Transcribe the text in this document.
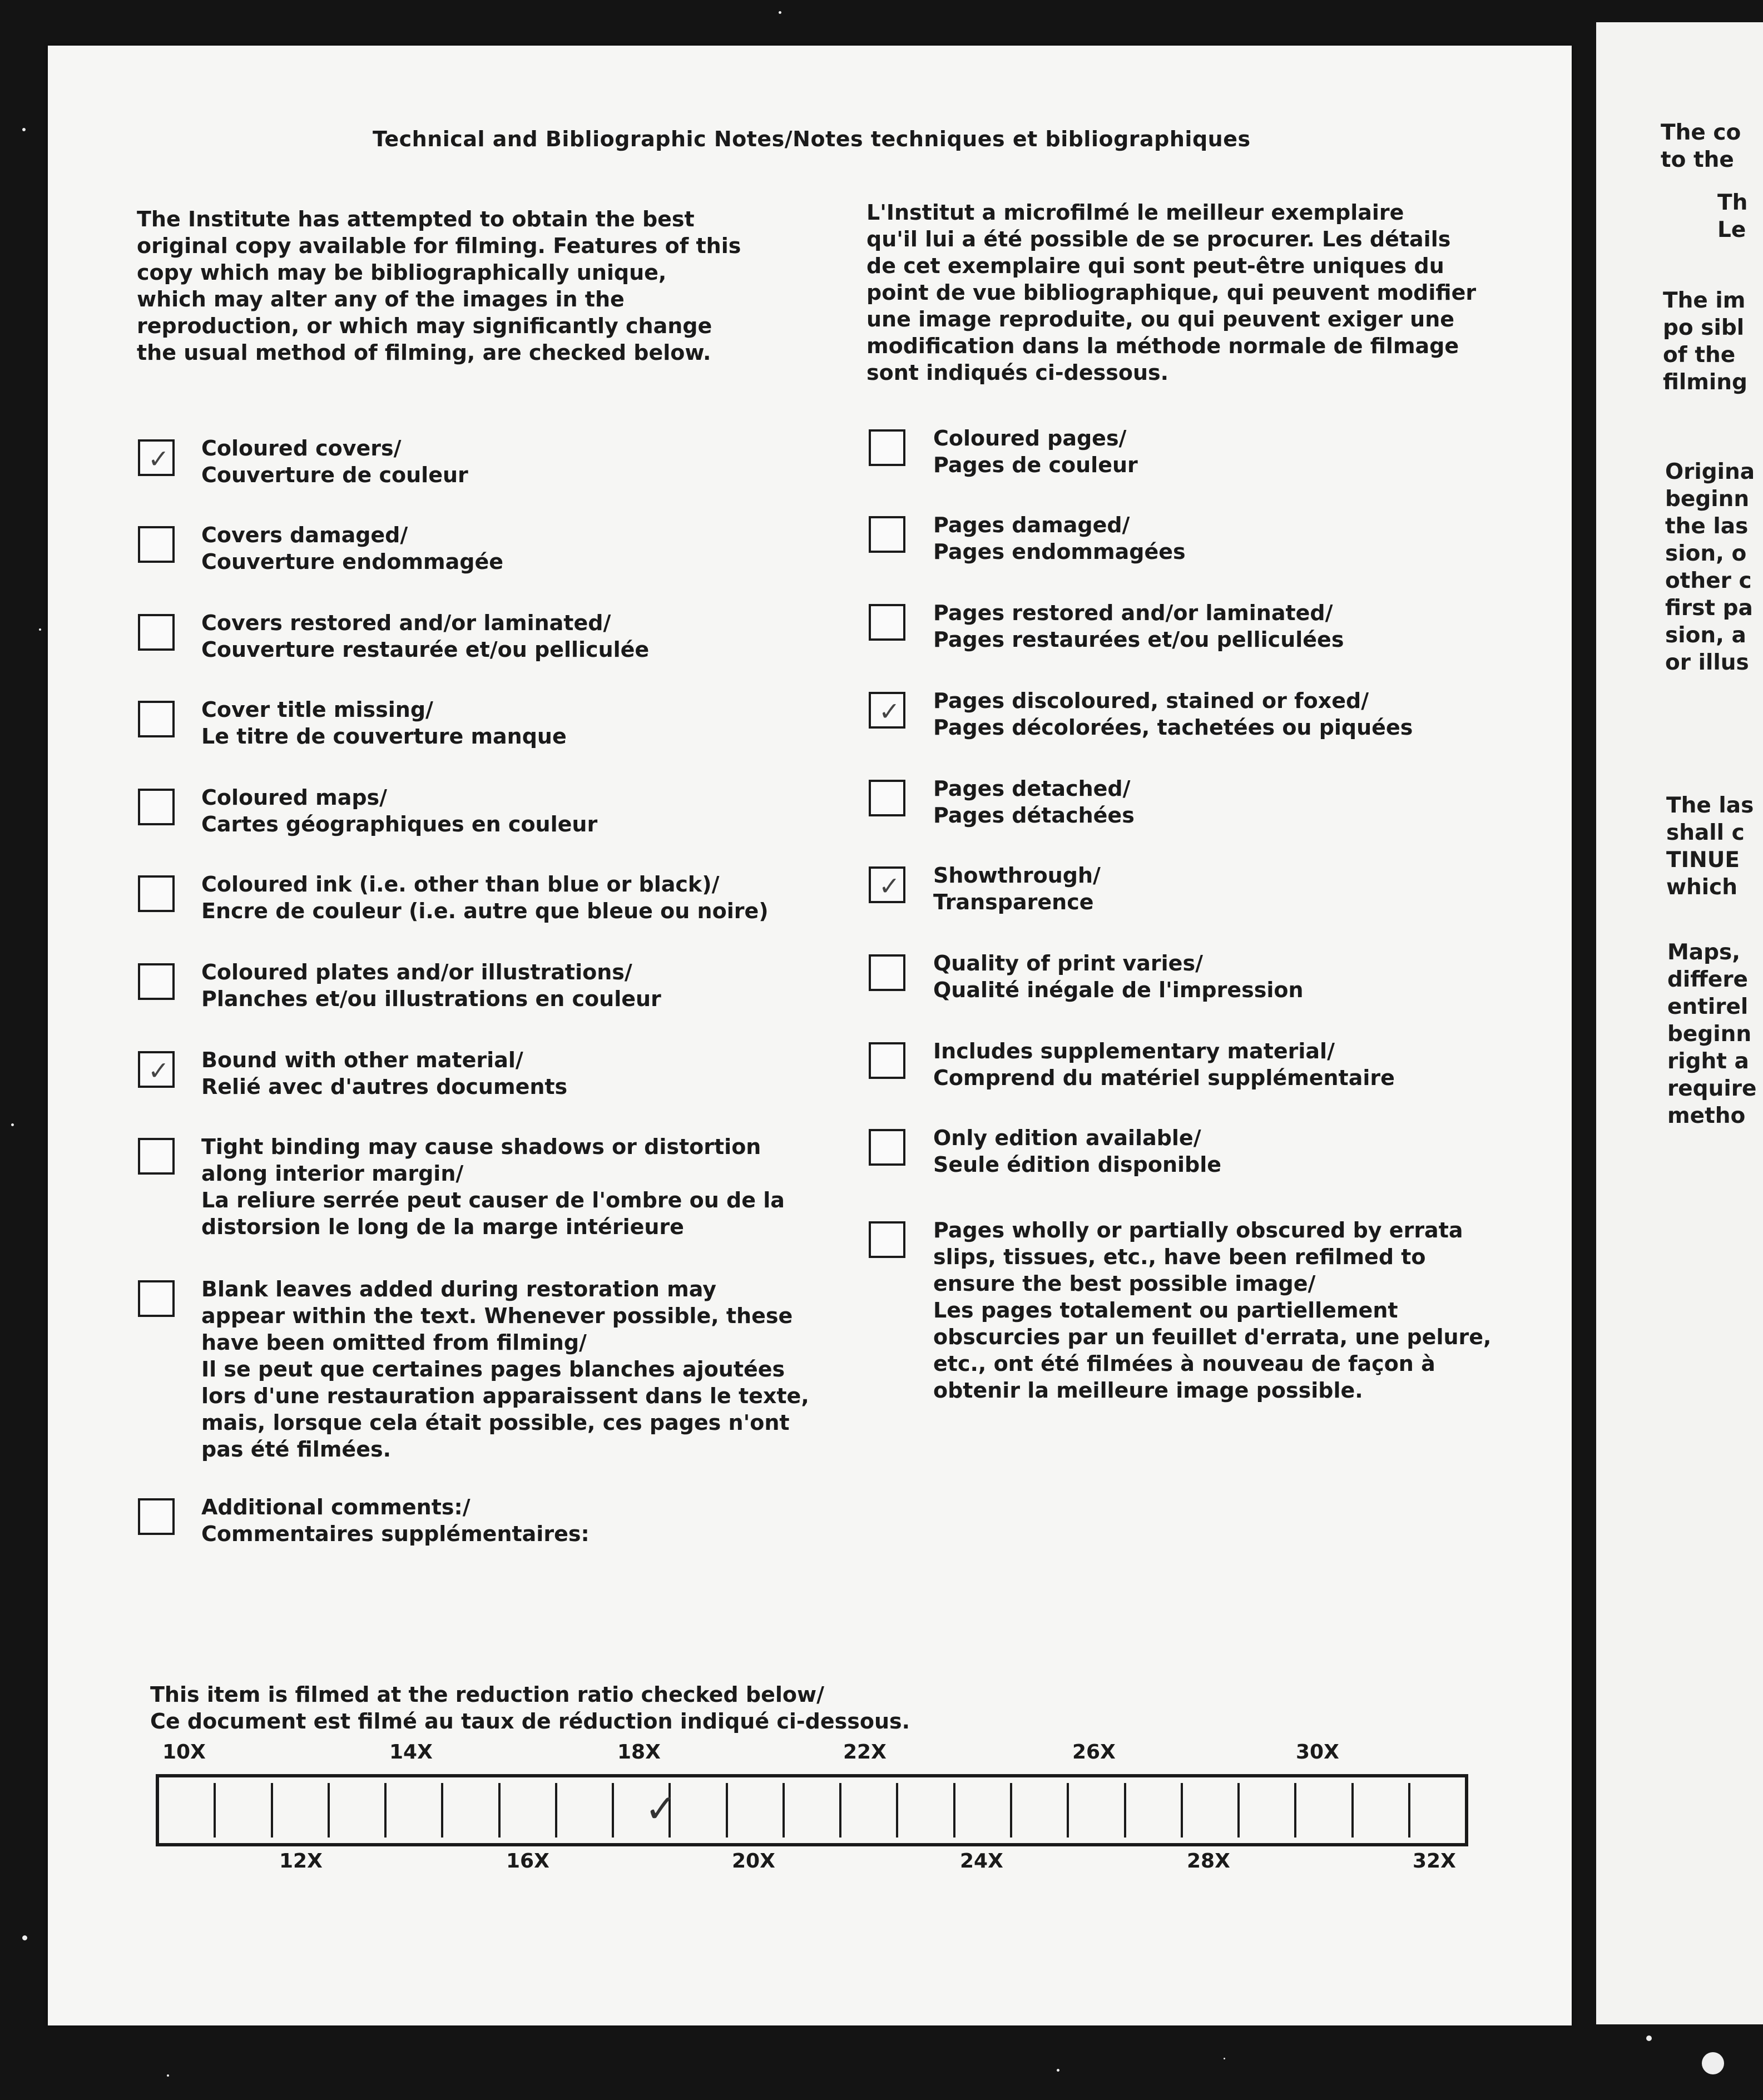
Technical and Bibliographic Notes/Notes techniques et bibliographiques
The Institute has attempted to obtain the best
original copy available for filming. Features of this
copy which may be bibliographically unique,
which may alter any of the images in the
reproduction, or which may significantly change
the usual method of filming, are checked below.
L'Institut a microfilmé le meilleur exemplaire
qu'il lui a été possible de se procurer. Les détails
de cet exemplaire qui sont peut-être uniques du
point de vue bibliographique, qui peuvent modifier
une image reproduite, ou qui peuvent exiger une
modification dans la méthode normale de filmage
sont indiqués ci-dessous.
✓ Coloured covers/
Couverture de couleur
Covers damaged/
Couverture endommagée
Covers restored and/or laminated/
Couverture restaurée et/ou pelliculée
Cover title missing/
Le titre de couverture manque
Coloured maps/
Cartes géographiques en couleur
Coloured ink (i.e. other than blue or black)/
Encre de couleur (i.e. autre que bleue ou noire)
Coloured plates and/or illustrations/
Planches et/ou illustrations en couleur
✓ Bound with other material/
Relié avec d'autres documents
Tight binding may cause shadows or distortion
along interior margin/
La reliure serrée peut causer de l'ombre ou de la
distorsion le long de la marge intérieure
Blank leaves added during restoration may
appear within the text. Whenever possible, these
have been omitted from filming/
Il se peut que certaines pages blanches ajoutées
lors d'une restauration apparaissent dans le texte,
mais, lorsque cela était possible, ces pages n'ont
pas été filmées.
Additional comments:/
Commentaires supplémentaires:
Coloured pages/
Pages de couleur
Pages damaged/
Pages endommagées
Pages restored and/or laminated/
Pages restaurées et/ou pelliculées
✓ Pages discoloured, stained or foxed/
Pages décolorées, tachetées ou piquées
Pages detached/
Pages détachées
✓ Showthrough/
Transparence
Quality of print varies/
Qualité inégale de l'impression
Includes supplementary material/
Comprend du matériel supplémentaire
Only edition available/
Seule édition disponible
Pages wholly or partially obscured by errata
slips, tissues, etc., have been refilmed to
ensure the best possible image/
Les pages totalement ou partiellement
obscurcies par un feuillet d'errata, une pelure,
etc., ont été filmées à nouveau de façon à
obtenir la meilleure image possible.
This item is filmed at the reduction ratio checked below/
Ce document est filmé au taux de réduction indiqué ci-dessous.
10X	14X	18X	22X	26X	30X
12X	16X	20X	24X	28X	32X
✓
The co
to the
Th
Le
The im
po sibl
of the
filming
Origina
beginn
the las
sion, o
other c
first pa
sion, a
or illus
The las
shall c
TINUE
which
Maps,
differe
entirel
beginn
right a
require
metho
